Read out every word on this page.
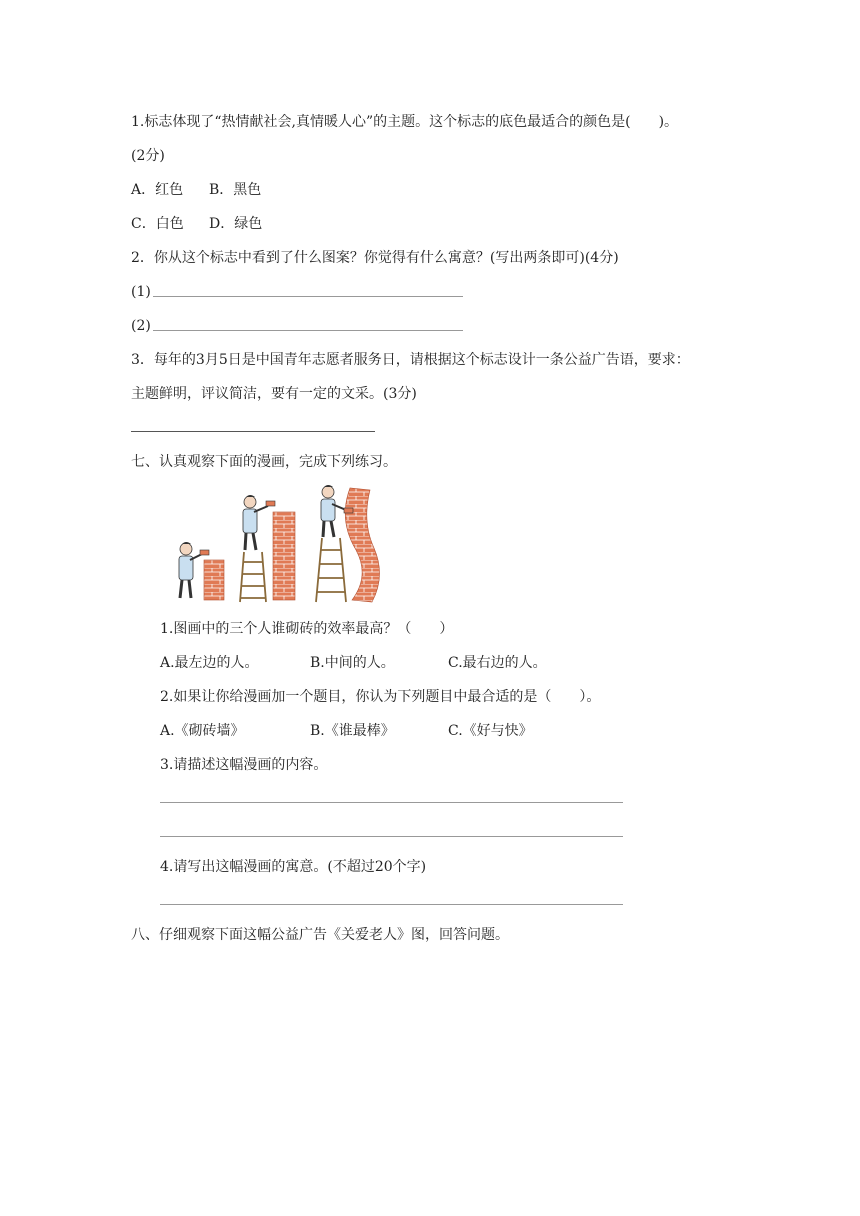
1.标志体现了“热情献社会,真情暖人心”的主题。这个标志的底色最适合的颜色是(　　)。
(2分)
A．红色 B．黑色
C．白色 D．绿色
2．你从这个标志中看到了什么图案？你觉得有什么寓意？(写出两条即可)(4分)
(1)
(2)
3．每年的3月5日是中国青年志愿者服务日，请根据这个标志设计一条公益广告语，要求：
主题鲜明，评议简洁，要有一定的文采。(3分)
七、认真观察下面的漫画，完成下列练习。
1.图画中的三个人谁砌砖的效率最高？（　　）
A.最左边的人。	B.中间的人。	C.最右边的人。
2.如果让你给漫画加一个题目，你认为下列题目中最合适的是（　　）。
A.《砌砖墙》	B.《谁最棒》	C.《好与快》
3.请描述这幅漫画的内容。
4.请写出这幅漫画的寓意。(不超过20个字)
八、仔细观察下面这幅公益广告《关爱老人》图，回答问题。
